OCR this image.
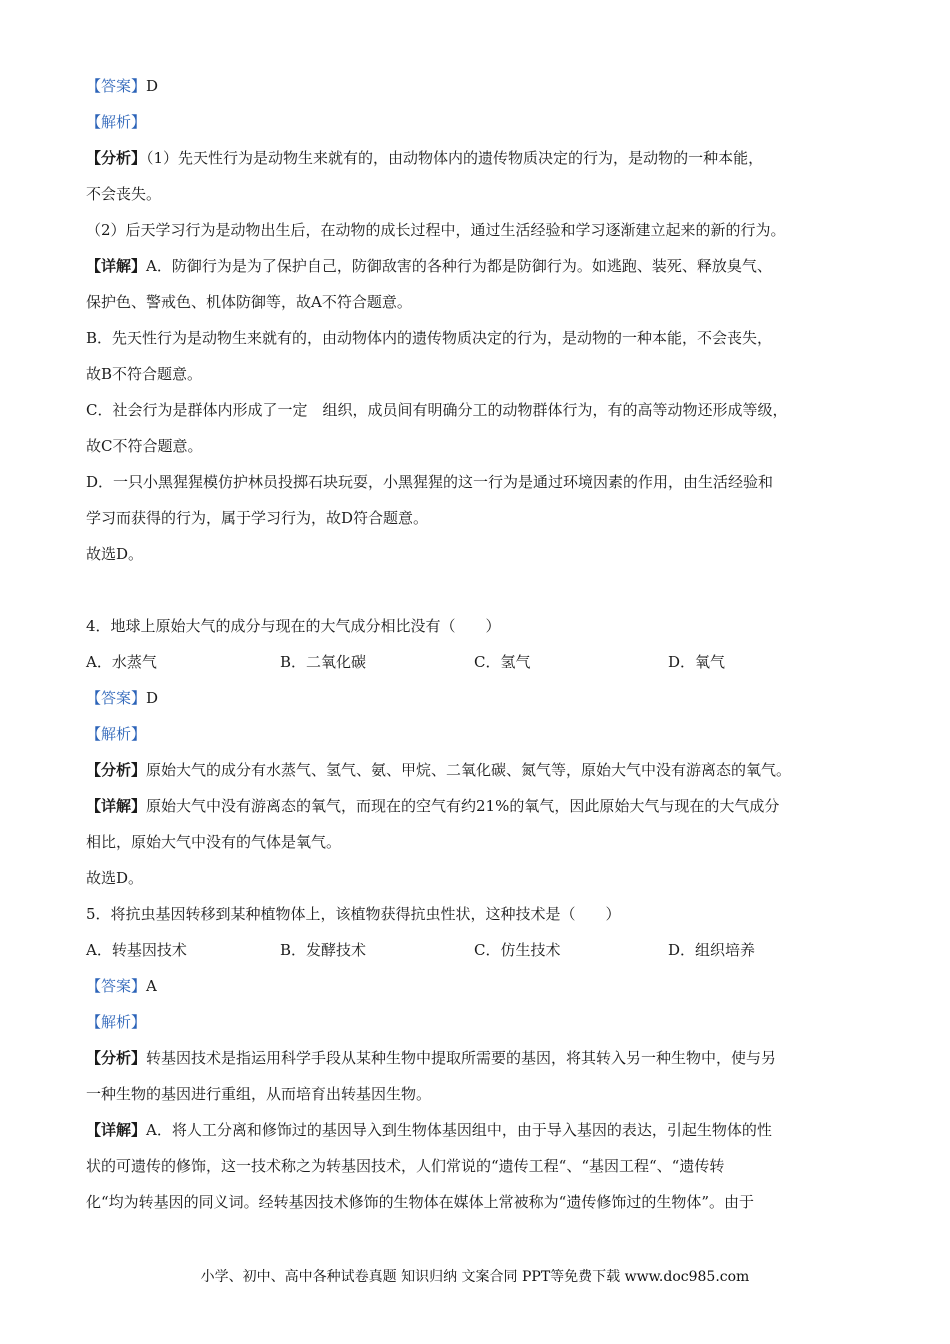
【答案】D

【解析】

【分析】（1）先天性行为是动物生来就有的，由动物体内的遗传物质决定的行为，是动物的一种本能，

不会丧失。

（2）后天学习行为是动物出生后，在动物的成长过程中，通过生活经验和学习逐渐建立起来的新的行为。

【详解】A．防御行为是为了保护自己，防御敌害的各种行为都是防御行为。如逃跑、装死、释放臭气、

保护色、警戒色、机体防御等，故A不符合题意。

B．先天性行为是动物生来就有的，由动物体内的遗传物质决定的行为，是动物的一种本能，不会丧失，

故B不符合题意。

C．社会行为是群体内形成了一定　组织，成员间有明确分工的动物群体行为，有的高等动物还形成等级，

故C不符合题意。

D．一只小黑猩猩模仿护林员投掷石块玩耍，小黑猩猩的这一行为是通过环境因素的作用，由生活经验和

学习而获得的行为，属于学习行为，故D符合题意。

故选D。

4．地球上原始大气的成分与现在的大气成分相比没有（　　）

A．水蒸气	B．二氧化碳	C．氢气	D．氧气

【答案】D

【解析】

【分析】原始大气的成分有水蒸气、氢气、氨、甲烷、二氧化碳、氮气等，原始大气中没有游离态的氧气。

【详解】原始大气中没有游离态的氧气，而现在的空气有约21%的氧气，因此原始大气与现在的大气成分

相比，原始大气中没有的气体是氧气。

故选D。

5．将抗虫基因转移到某种植物体上，该植物获得抗虫性状，这种技术是（　　）

A．转基因技术	B．发酵技术	C．仿生技术	D．组织培养

【答案】A

【解析】

【分析】转基因技术是指运用科学手段从某种生物中提取所需要的基因，将其转入另一种生物中，使与另

一种生物的基因进行重组，从而培育出转基因生物。

【详解】A．将人工分离和修饰过的基因导入到生物体基因组中，由于导入基因的表达，引起生物体的性

状的可遗传的修饰，这一技术称之为转基因技术，人们常说的“遗传工程“、“基因工程“、“遗传转

化“均为转基因的同义词。经转基因技术修饰的生物体在媒体上常被称为“遗传修饰过的生物体”。由于

小学、初中、高中各种试卷真题 知识归纳 文案合同 PPT等免费下载 www.doc985.com
